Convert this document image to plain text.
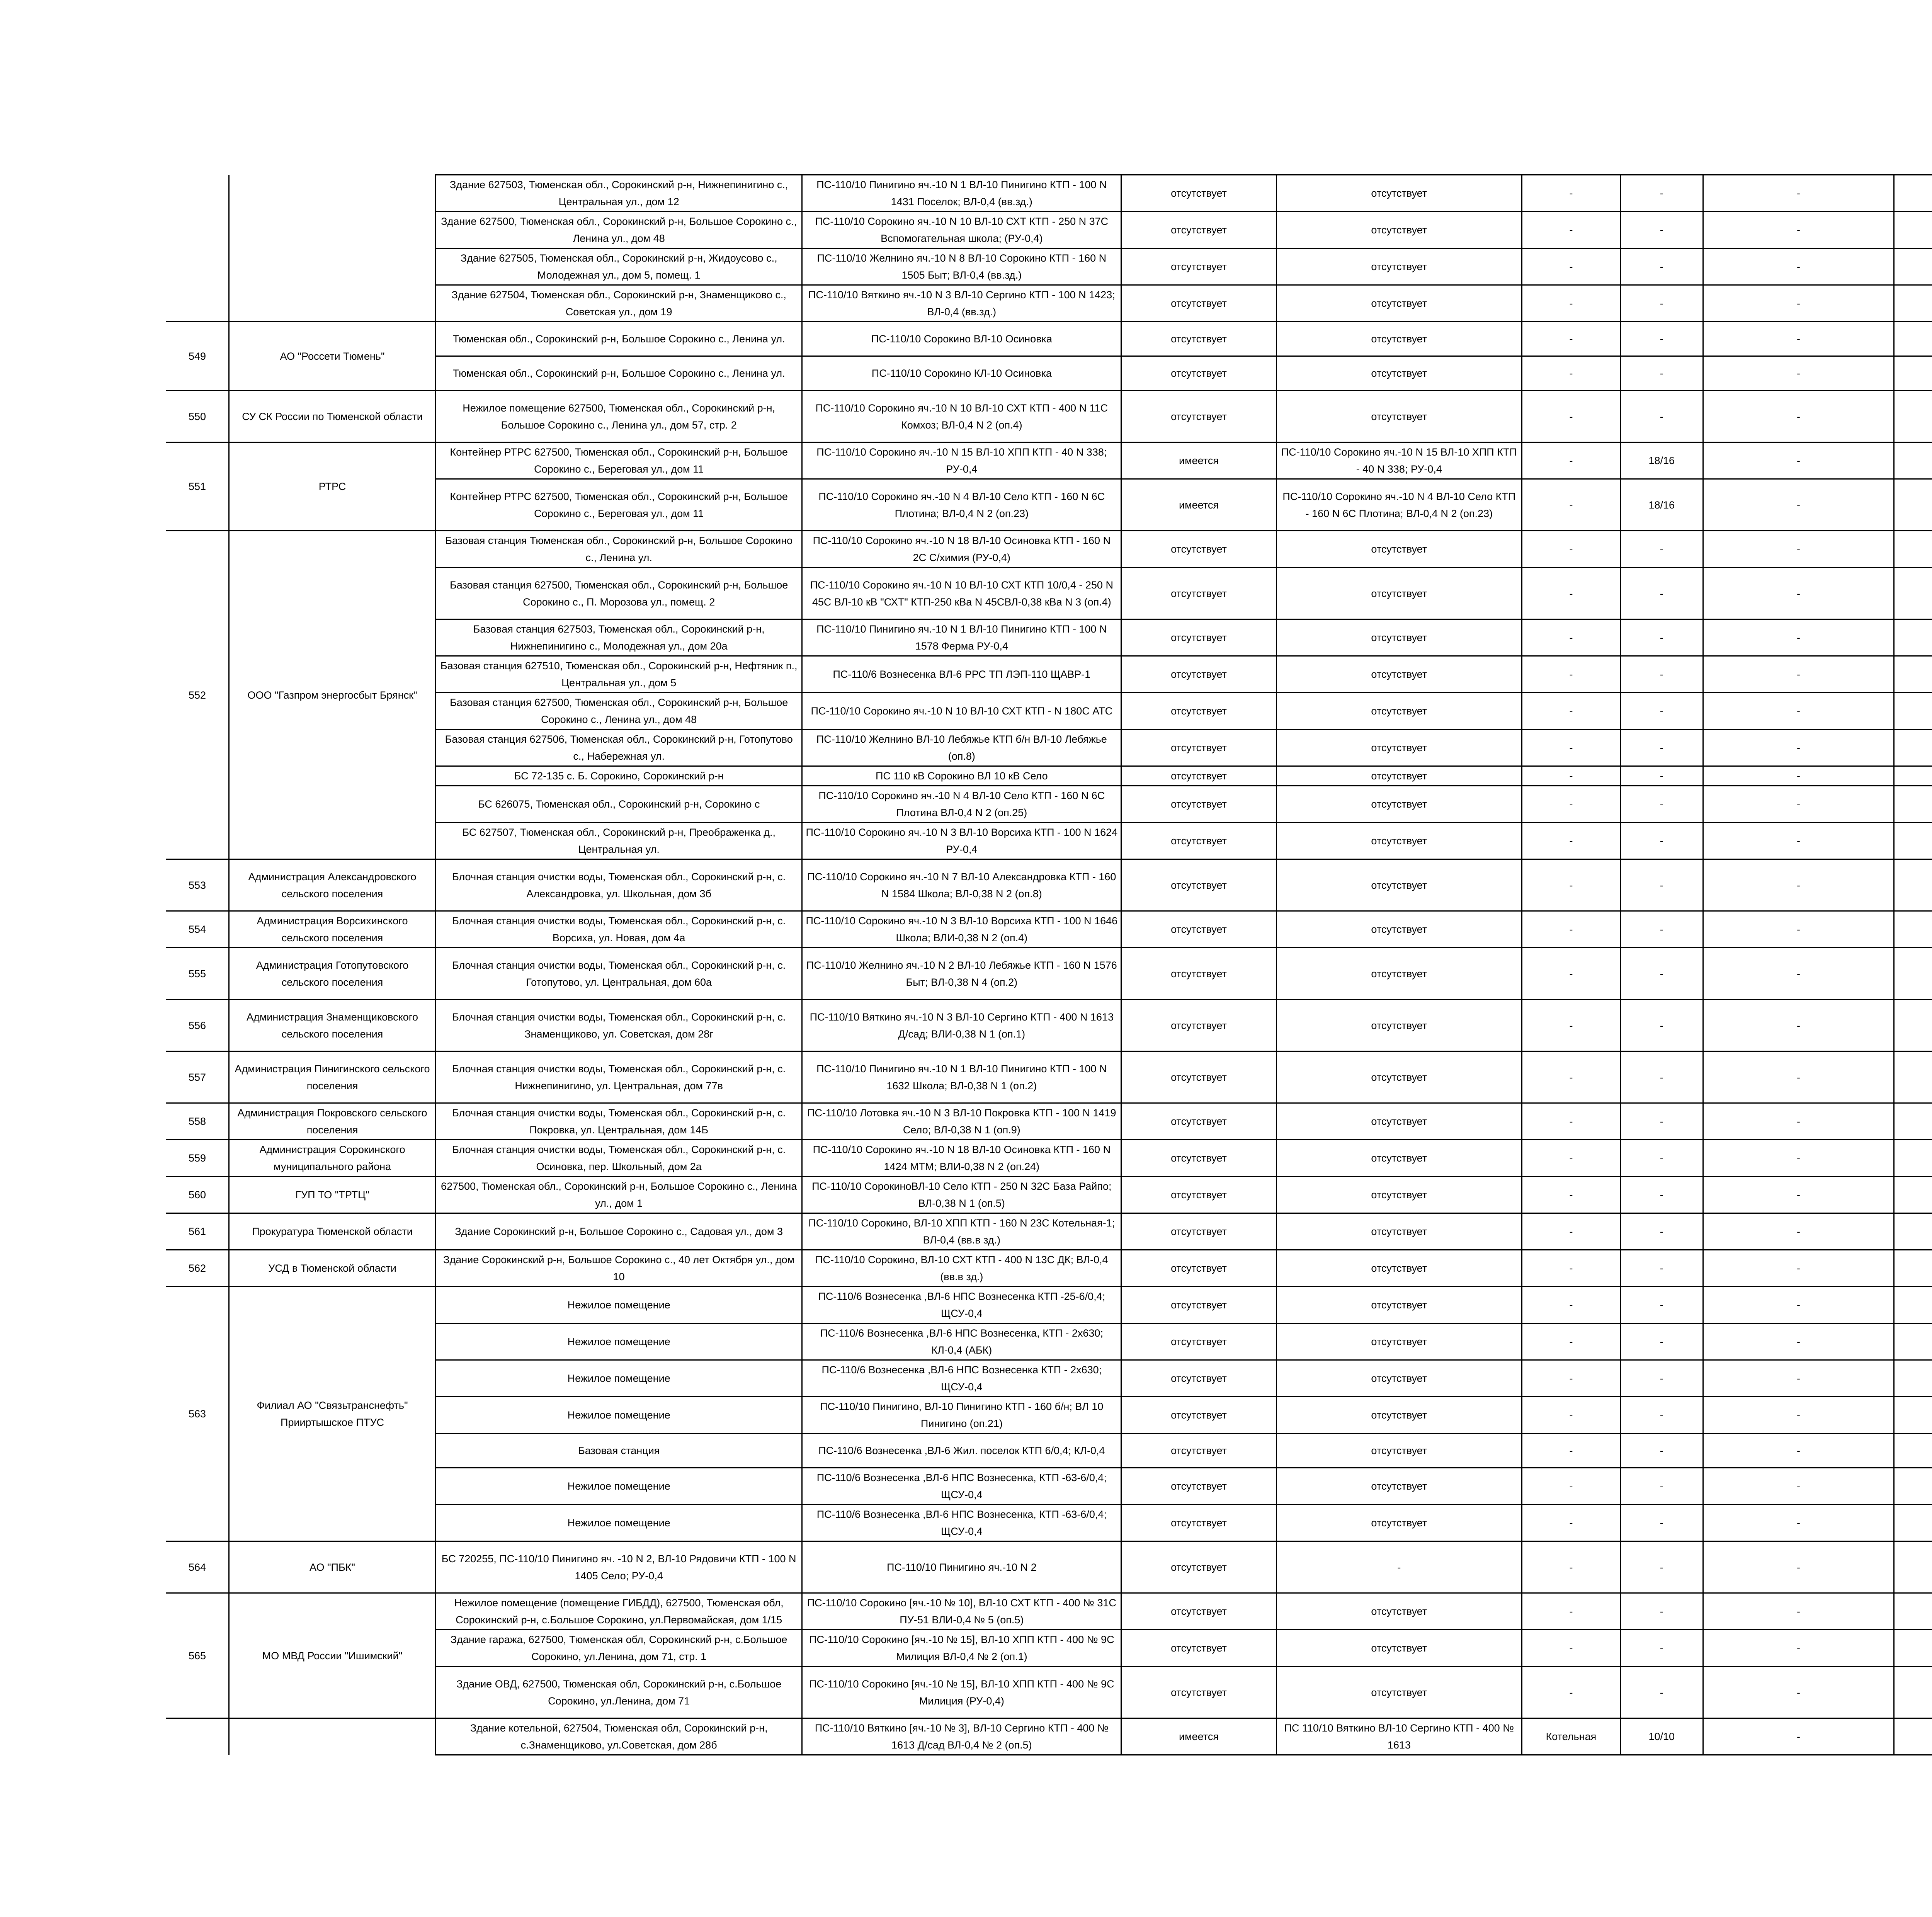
		Здание 627503, Тюменская обл., Сорокинский р-н, Нижнепинигино с., Центральная ул., дом 12	ПС-110/10 Пинигино яч.-10 N 1 ВЛ-10 Пинигино КТП - 100 N 1431 Поселок; ВЛ-0,4 (вв.зд.)	отсутствует	отсутствует	-	-	-		
		Здание 627500, Тюменская обл., Сорокинский р-н, Большое Сорокино с., Ленина ул., дом 48	ПС-110/10 Сорокино яч.-10 N 10 ВЛ-10 СХТ КТП - 250 N 37С Вспомогательная школа; (РУ-0,4)	отсутствует	отсутствует	-	-	-		
		Здание 627505, Тюменская обл., Сорокинский р-н, Жидоусово с., Молодежная ул., дом 5, помещ. 1	ПС-110/10 Желнино яч.-10 N 8 ВЛ-10 Сорокино КТП - 160 N 1505 Быт; ВЛ-0,4 (вв.зд.)	отсутствует	отсутствует	-	-	-		
		Здание 627504, Тюменская обл., Сорокинский р-н, Знаменщиково с., Советская ул., дом 19	ПС-110/10 Вяткино яч.-10 N 3 ВЛ-10 Сергино КТП - 100 N 1423; ВЛ-0,4 (вв.зд.)	отсутствует	отсутствует	-	-	-		
549	АО "Россети Тюмень"	Тюменская обл., Сорокинский р-н, Большое Сорокино с., Ленина ул.	ПС-110/10 Сорокино ВЛ-10 Осиновка	отсутствует	отсутствует	-	-	-		
		Тюменская обл., Сорокинский р-н, Большое Сорокино с., Ленина ул.	ПС-110/10 Сорокино КЛ-10 Осиновка	отсутствует	отсутствует	-	-	-		
550	СУ СК России по Тюменской области	Нежилое помещение 627500, Тюменская обл., Сорокинский р-н, Большое Сорокино с., Ленина ул., дом 57, стр. 2	ПС-110/10 Сорокино яч.-10 N 10 ВЛ-10 СХТ КТП - 400 N 11С Комхоз; ВЛ-0,4 N 2 (оп.4)	отсутствует	отсутствует	-	-	-		
551	РТРС	Контейнер РТРС 627500, Тюменская обл., Сорокинский р-н, Большое Сорокино с., Береговая ул., дом 11	ПС-110/10 Сорокино яч.-10 N 15 ВЛ-10 ХПП КТП - 40 N 338; РУ-0,4	имеется	ПС-110/10 Сорокино яч.-10 N 15 ВЛ-10 ХПП КТП - 40 N 338; РУ-0,4	-	18/16	-		
		Контейнер РТРС 627500, Тюменская обл., Сорокинский р-н, Большое Сорокино с., Береговая ул., дом 11	ПС-110/10 Сорокино яч.-10 N 4 ВЛ-10 Село КТП - 160 N 6С Плотина; ВЛ-0,4 N 2 (оп.23)	имеется	ПС-110/10 Сорокино яч.-10 N 4 ВЛ-10 Село КТП - 160 N 6С Плотина; ВЛ-0,4 N 2 (оп.23)	-	18/16	-		
552	ООО "Газпром энергосбыт Брянск"	Базовая станция Тюменская обл., Сорокинский р-н, Большое Сорокино с., Ленина ул.	ПС-110/10 Сорокино яч.-10 N 18 ВЛ-10 Осиновка КТП - 160 N 2С С/химия (РУ-0,4)	отсутствует	отсутствует	-	-	-		
		Базовая станция 627500, Тюменская обл., Сорокинский р-н, Большое Сорокино с., П. Морозова ул., помещ. 2	ПС-110/10 Сорокино яч.-10 N 10 ВЛ-10 СХТ КТП 10/0,4 - 250 N 45С ВЛ-10 кВ "СХТ" КТП-250 кВа N 45СВЛ-0,38 кВа N 3 (оп.4)	отсутствует	отсутствует	-	-	-		
		Базовая станция 627503, Тюменская обл., Сорокинский р-н, Нижнепинигино с., Молодежная ул., дом 20а	ПС-110/10 Пинигино яч.-10 N 1 ВЛ-10 Пинигино КТП - 100 N 1578 Ферма РУ-0,4	отсутствует	отсутствует	-	-	-		
		Базовая станция 627510, Тюменская обл., Сорокинский р-н, Нефтяник п., Центральная ул., дом 5	ПС-110/6 Вознесенка ВЛ-6 РРС ТП ЛЭП-110 ЩАВР-1	отсутствует	отсутствует	-	-	-		
		Базовая станция 627500, Тюменская обл., Сорокинский р-н, Большое Сорокино с., Ленина ул., дом 48	ПС-110/10 Сорокино яч.-10 N 10 ВЛ-10 СХТ КТП - N 180С АТС	отсутствует	отсутствует	-	-	-		
		Базовая станция 627506, Тюменская обл., Сорокинский р-н, Готопутово с., Набережная ул.	ПС-110/10 Желнино ВЛ-10 Лебяжье КТП б/н ВЛ-10 Лебяжье (оп.8)	отсутствует	отсутствует	-	-	-		
		БС 72-135 с. Б. Сорокино, Сорокинский р-н	ПС 110 кВ Сорокино ВЛ 10 кВ Село	отсутствует	отсутствует	-	-	-		
		БС 626075, Тюменская обл., Сорокинский р-н, Сорокино с	ПС-110/10 Сорокино яч.-10 N 4 ВЛ-10 Село КТП - 160 N 6С Плотина ВЛ-0,4 N 2 (оп.25)	отсутствует	отсутствует	-	-	-		
		БС 627507, Тюменская обл., Сорокинский р-н, Преображенка д., Центральная ул.	ПС-110/10 Сорокино яч.-10 N 3 ВЛ-10 Ворсиха КТП - 100 N 1624 РУ-0,4	отсутствует	отсутствует	-	-	-		
553	Администрация Александровского сельского поселения	Блочная станция очистки воды, Тюменская обл., Сорокинский р-н, с. Александровка, ул. Школьная, дом 3б	ПС-110/10 Сорокино яч.-10 N 7 ВЛ-10 Александровка КТП - 160 N 1584 Школа; ВЛ-0,38 N 2 (оп.8)	отсутствует	отсутствует	-	-	-		
554	Администрация Ворсихинского сельского поселения	Блочная станция очистки воды, Тюменская обл., Сорокинский р-н, с. Ворсиха, ул. Новая, дом 4а	ПС-110/10 Сорокино яч.-10 N 3 ВЛ-10 Ворсиха КТП - 100 N 1646 Школа; ВЛИ-0,38 N 2 (оп.4)	отсутствует	отсутствует	-	-	-		
555	Администрация Готопутовского сельского поселения	Блочная станция очистки воды, Тюменская обл., Сорокинский р-н, с. Готопутово, ул. Центральная, дом 60а	ПС-110/10 Желнино яч.-10 N 2 ВЛ-10 Лебяжье КТП - 160 N 1576 Быт; ВЛ-0,38 N 4 (оп.2)	отсутствует	отсутствует	-	-	-		
556	Администрация Знаменщиковского сельского поселения	Блочная станция очистки воды, Тюменская обл., Сорокинский р-н, с. Знаменщиково, ул. Советская, дом 28г	ПС-110/10 Вяткино яч.-10 N 3 ВЛ-10 Сергино КТП - 400 N 1613 Д/сад; ВЛИ-0,38 N 1 (оп.1)	отсутствует	отсутствует	-	-	-		
557	Администрация Пинигинского сельского поселения	Блочная станция очистки воды, Тюменская обл., Сорокинский р-н, с. Нижнепинигино, ул. Центральная, дом 77в	ПС-110/10 Пинигино яч.-10 N 1 ВЛ-10 Пинигино КТП - 100 N 1632 Школа; ВЛ-0,38 N 1 (оп.2)	отсутствует	отсутствует	-	-	-		
558	Администрация Покровского сельского поселения	Блочная станция очистки воды, Тюменская обл., Сорокинский р-н, с. Покровка, ул. Центральная, дом 14Б	ПС-110/10 Лотовка яч.-10 N 3 ВЛ-10 Покровка КТП - 100 N 1419 Село; ВЛ-0,38 N 1 (оп.9)	отсутствует	отсутствует	-	-	-		
559	Администрация Сорокинского муниципального района	Блочная станция очистки воды, Тюменская обл., Сорокинский р-н, с. Осиновка, пер. Школьный, дом 2а	ПС-110/10 Сорокино яч.-10 N 18 ВЛ-10 Осиновка КТП - 160 N 1424 МТМ; ВЛИ-0,38 N 2 (оп.24)	отсутствует	отсутствует	-	-	-		
560	ГУП ТО "ТРТЦ"	627500, Тюменская обл., Сорокинский р-н, Большое Сорокино с., Ленина ул., дом 1	ПС-110/10 СорокиноВЛ-10 Село КТП - 250 N 32С База Райпо; ВЛ-0,38 N 1 (оп.5)	отсутствует	отсутствует	-	-	-		
561	Прокуратура Тюменской области	Здание Сорокинский р-н, Большое Сорокино с., Садовая ул., дом 3	ПС-110/10 Сорокино, ВЛ-10 ХПП КТП - 160 N 23С Котельная-1; ВЛ-0,4 (вв.в зд.)	отсутствует	отсутствует	-	-	-		
562	УСД в Тюменской области	Здание Сорокинский р-н, Большое Сорокино с., 40 лет Октября ул., дом 10	ПС-110/10 Сорокино, ВЛ-10 СХТ КТП - 400 N 13С ДК; ВЛ-0,4 (вв.в зд.)	отсутствует	отсутствует	-	-	-		
563	Филиал АО "Связьтранснефть" Прииртышское ПТУС	Нежилое помещение	ПС-110/6 Вознесенка ,ВЛ-6 НПС Вознесенка КТП -25-6/0,4; ЩСУ-0,4	отсутствует	отсутствует	-	-	-		
		Нежилое помещение	ПС-110/6 Вознесенка ,ВЛ-6 НПС Вознесенка, КТП - 2х630; КЛ-0,4 (АБК)	отсутствует	отсутствует	-	-	-		
		Нежилое помещение	ПС-110/6 Вознесенка ,ВЛ-6 НПС Вознесенка КТП - 2х630; ЩСУ-0,4	отсутствует	отсутствует	-	-	-		
		Нежилое помещение	ПС-110/10 Пинигино, ВЛ-10 Пинигино КТП - 160 б/н; ВЛ 10 Пинигино (оп.21)	отсутствует	отсутствует	-	-	-		
		Базовая станция	ПС-110/6 Вознесенка ,ВЛ-6 Жил. поселок КТП 6/0,4; КЛ-0,4	отсутствует	отсутствует	-	-	-		
		Нежилое помещение	ПС-110/6 Вознесенка ,ВЛ-6 НПС Вознесенка, КТП -63-6/0,4; ЩСУ-0,4	отсутствует	отсутствует	-	-	-		
		Нежилое помещение	ПС-110/6 Вознесенка ,ВЛ-6 НПС Вознесенка, КТП -63-6/0,4; ЩСУ-0,4	отсутствует	отсутствует	-	-	-		
564	АО "ПБК"	БС 720255, ПС-110/10 Пинигино яч. -10 N 2, ВЛ-10 Рядовичи КТП - 100 N 1405 Село; РУ-0,4	ПС-110/10 Пинигино яч.-10 N 2	отсутствует	-	-	-	-		
565	МО МВД России "Ишимский"	Нежилое помещение (помещение ГИБДД), 627500, Тюменская обл, Сорокинский р-н, с.Большое Сорокино, ул.Первомайская, дом 1/15	ПС-110/10 Сорокино [яч.-10 № 10], ВЛ-10 СХТ КТП - 400 № 31С ПУ-51 ВЛИ-0,4 № 5 (оп.5)	отсутствует	отсутствует	-	-	-		
		Здание гаража, 627500, Тюменская обл, Сорокинский р-н, с.Большое Сорокино, ул.Ленина, дом 71, стр. 1	ПС-110/10 Сорокино [яч.-10 № 15], ВЛ-10 ХПП КТП - 400 № 9С Милиция ВЛ-0,4 № 2 (оп.1)	отсутствует	отсутствует	-	-	-		
		Здание ОВД, 627500, Тюменская обл, Сорокинский р-н, с.Большое Сорокино, ул.Ленина, дом 71	ПС-110/10 Сорокино [яч.-10 № 15], ВЛ-10 ХПП КТП - 400 № 9С Милиция (РУ-0,4)	отсутствует	отсутствует	-	-	-		
		Здание котельной, 627504, Тюменская обл, Сорокинский р-н, с.Знаменщиково, ул.Советская, дом 28б	ПС-110/10 Вяткино [яч.-10 № 3], ВЛ-10 Сергино КТП - 400 № 1613 Д/сад ВЛ-0,4 № 2 (оп.5)	имеется	ПС 110/10 Вяткино ВЛ-10 Сергино КТП - 400 № 1613	Котельная	10/10	-		
